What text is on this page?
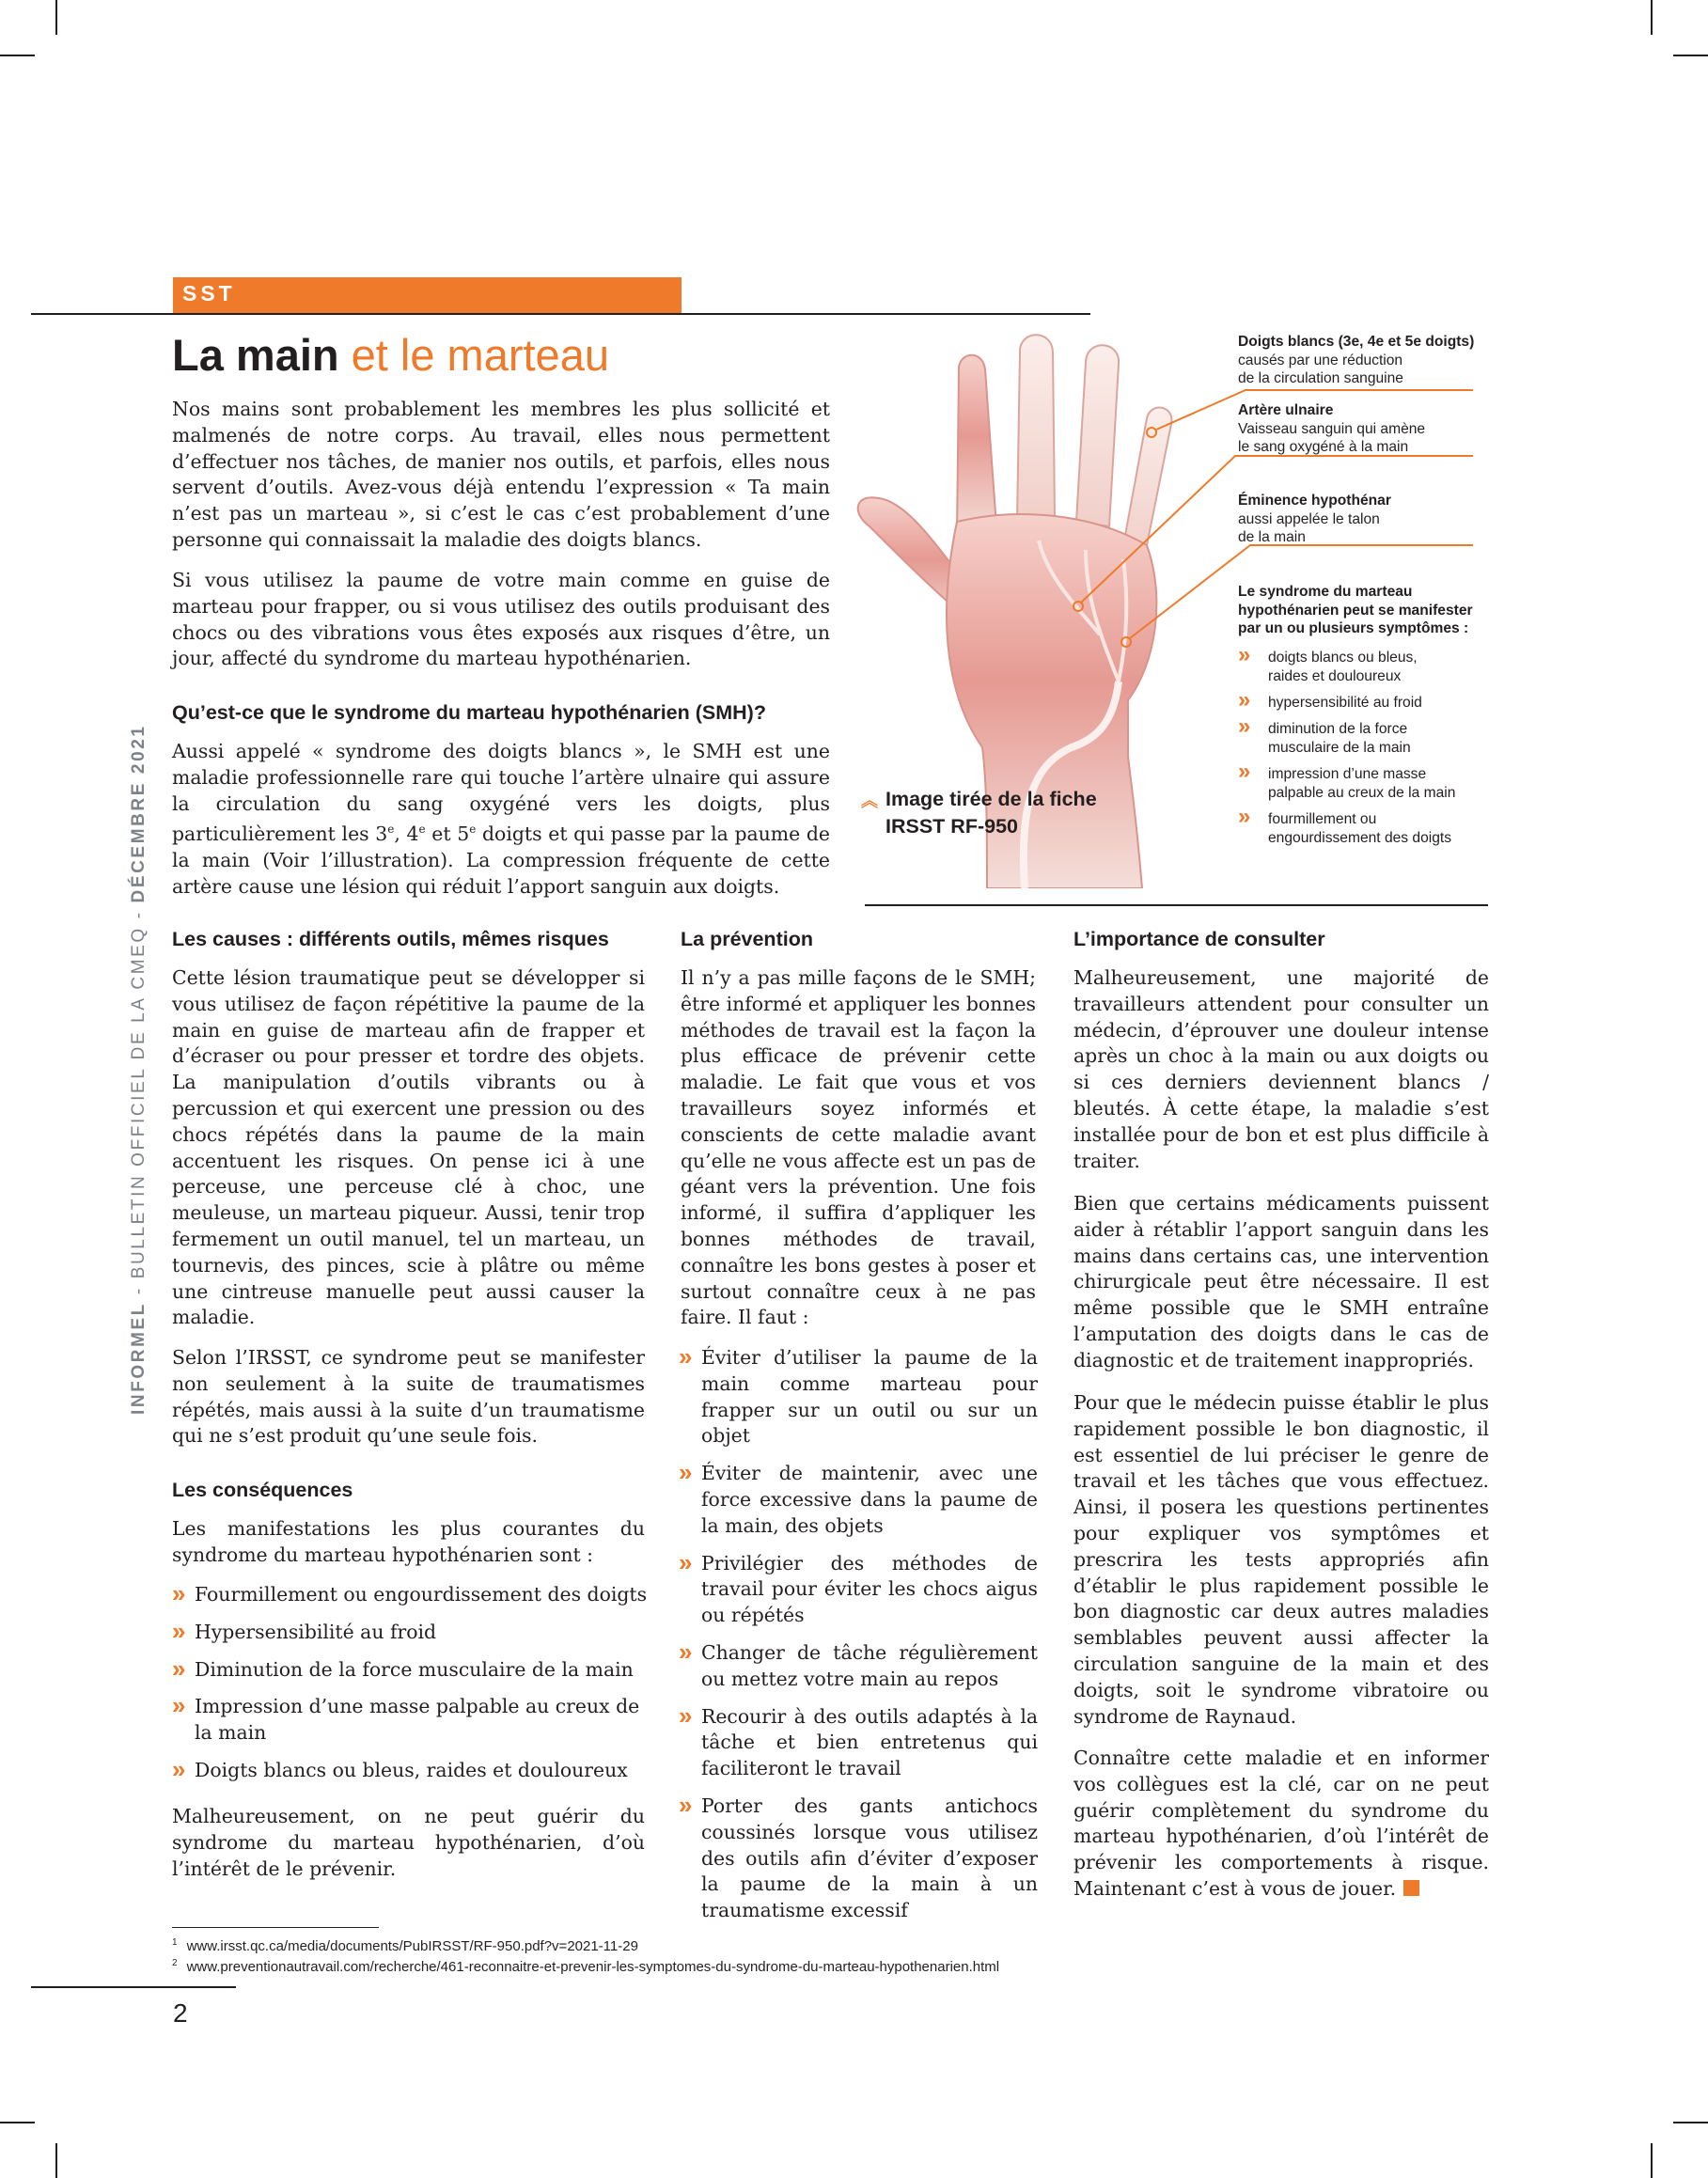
SST
La main et le marteau
INFORMEL - BULLETIN OFFICIEL DE LA CMEQ - DÉCEMBRE 2021

Nos mains sont probablement les membres les plus sollicité et malmenés de notre corps. Au travail, elles nous permettent d’effectuer nos tâches, de manier nos outils, et parfois, elles nous servent d’outils. Avez-vous déjà entendu l’expression « Ta main n’est pas un marteau », si c’est le cas c’est probablement d’une personne qui connaissait la maladie des doigts blancs.

Si vous utilisez la paume de votre main comme en guise de marteau pour frapper, ou si vous utilisez des outils produisant des chocs ou des vibrations vous êtes exposés aux risques d’être, un jour, affecté du syndrome du marteau hypothénarien.

Qu’est-ce que le syndrome du marteau hypothénarien (SMH)?

Aussi appelé « syndrome des doigts blancs », le SMH est une maladie professionnelle rare qui touche l’artère ulnaire qui assure la circulation du sang oxygéné vers les doigts, plus particulièrement les 3e, 4e et 5e doigts et qui passe par la paume de la main (Voir l’illustration). La compression fréquente de cette artère cause une lésion qui réduit l’apport sanguin aux doigts.

Doigts blancs (3e, 4e et 5e doigts)
causés par une réduction
de la circulation sanguine
Artère ulnaire
Vaisseau sanguin qui amène
le sang oxygéné à la main
Éminence hypothénar
aussi appelée le talon
de la main
Le syndrome du marteau
hypothénarien peut se manifester
par un ou plusieurs symptômes :
» doigts blancs ou bleus,
raides et douloureux
» hypersensibilité au froid
» diminution de la force
musculaire de la main
» impression d’une masse
palpable au creux de la main
» fourmillement ou
engourdissement des doigts
︽ Image tirée de la fiche
IRSST RF-950
Les causes : différents outils, mêmes risques

Cette lésion traumatique peut se développer si vous utilisez de façon répétitive la paume de la main en guise de marteau afin de frapper et d’écraser ou pour presser et tordre des objets. La manipulation d’outils vibrants ou à percussion et qui exercent une pression ou des chocs répétés dans la paume de la main accentuent les risques. On pense ici à une perceuse, une perceuse clé à choc, une meuleuse, un marteau piqueur. Aussi, tenir trop fermement un outil manuel, tel un marteau, un tournevis, des pinces, scie à plâtre ou même une cintreuse manuelle peut aussi causer la maladie.

Selon l’IRSST, ce syndrome peut se manifester non seulement à la suite de traumatismes répétés, mais aussi à la suite d’un traumatisme qui ne s’est produit qu’une seule fois.

Les conséquences

Les manifestations les plus courantes du syndrome du marteau hypothénarien sont :

» Fourmillement ou engourdissement des doigts
» Hypersensibilité au froid
» Diminution de la force musculaire de la main
» Impression d’une masse palpable au creux de la main
» Doigts blancs ou bleus, raides et douloureux

Malheureusement, on ne peut guérir du syndrome du marteau hypothénarien, d’où l’intérêt de le prévenir.

La prévention

Il n’y a pas mille façons de le SMH; être informé et appliquer les bonnes méthodes de travail est la façon la plus efficace de prévenir cette maladie. Le fait que vous et vos travailleurs soyez informés et conscients de cette maladie avant qu’elle ne vous affecte est un pas de géant vers la prévention. Une fois informé, il suffira d’appliquer les bonnes méthodes de travail, connaître les bons gestes à poser et surtout connaître ceux à ne pas faire. Il faut :

» Éviter d’utiliser la paume de la main comme marteau pour frapper sur un outil ou sur un objet
» Éviter de maintenir, avec une force excessive dans la paume de la main, des objets
» Privilégier des méthodes de travail pour éviter les chocs aigus ou répétés
» Changer de tâche régulièrement ou mettez votre main au repos
» Recourir à des outils adaptés à la tâche et bien entretenus qui faciliteront le travail
» Porter des gants antichocs coussinés lorsque vous utilisez des outils afin d’éviter d’exposer la paume de la main à un traumatisme excessif
L’importance de consulter

Malheureusement, une majorité de travailleurs attendent pour consulter un médecin, d’éprouver une douleur intense après un choc à la main ou aux doigts ou si ces derniers deviennent blancs / bleutés. À cette étape, la maladie s’est installée pour de bon et est plus difficile à traiter.

Bien que certains médicaments puissent aider à rétablir l’apport sanguin dans les mains dans certains cas, une intervention chirurgicale peut être nécessaire. Il est même possible que le SMH entraîne l’amputation des doigts dans le cas de diagnostic et de traitement inappropriés.

Pour que le médecin puisse établir le plus rapidement possible le bon diagnostic, il est essentiel de lui préciser le genre de travail et les tâches que vous effectuez. Ainsi, il posera les questions pertinentes pour expliquer vos symptômes et prescrira les tests appropriés afin d’établir le plus rapidement possible le bon diagnostic car deux autres maladies semblables peuvent aussi affecter la circulation sanguine de la main et des doigts, soit le syndrome vibratoire ou syndrome de Raynaud.

Connaître cette maladie et en informer vos collègues est la clé, car on ne peut guérir complètement du syndrome du marteau hypothénarien, d’où l’intérêt de prévenir les comportements à risque. Maintenant c’est à vous de jouer.

$^1$ www.irsst.qc.ca/media/documents/PubIRSST/RF-950.pdf?v=2021-11-29
$^2$ www.preventionautravail.com/recherche/461-reconnaitre-et-prevenir-les-symptomes-du-syndrome-du-marteau-hypothenarien.html
2
